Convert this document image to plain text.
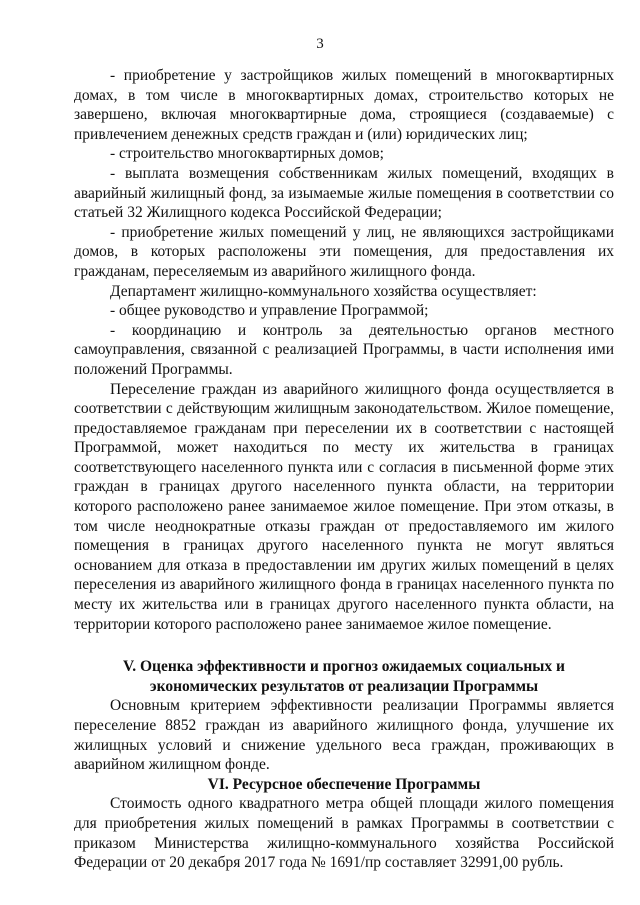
3

- приобретение у застройщиков жилых помещений в многоквартирных домах, в том числе в многоквартирных домах, строительство которых не завершено, включая многоквартирные дома, строящиеся (создаваемые) с привлечением денежных средств граждан и (или) юридических лиц;

- строительство многоквартирных домов;

- выплата возмещения собственникам жилых помещений, входящих в аварийный жилищный фонд, за изымаемые жилые помещения в соответствии со статьей 32 Жилищного кодекса Российской Федерации;

- приобретение жилых помещений у лиц, не являющихся застройщиками домов, в которых расположены эти помещения, для предоставления их гражданам, переселяемым из аварийного жилищного фонда.

Департамент жилищно-коммунального хозяйства осуществляет:

- общее руководство и управление Программой;

- координацию и контроль за деятельностью органов местного самоуправления, связанной с реализацией Программы, в части исполнения ими положений Программы.

Переселение граждан из аварийного жилищного фонда осуществляется в соответствии с действующим жилищным законодательством. Жилое помещение, предоставляемое гражданам при переселении их в соответствии с настоящей Программой, может находиться по месту их жительства в границах соответствующего населенного пункта или с согласия в письменной форме этих граждан в границах другого населенного пункта области, на территории которого расположено ранее занимаемое жилое помещение. При этом отказы, в том числе неоднократные отказы граждан от предоставляемого им жилого помещения в границах другого населенного пункта не могут являться основанием для отказа в предоставлении им других жилых помещений в целях переселения из аварийного жилищного фонда в границах населенного пункта по месту их жительства или в границах другого населенного пункта области, на территории которого расположено ранее занимаемое жилое помещение.

V. Оценка эффективности и прогноз ожидаемых социальных и

экономических результатов от реализации Программы

Основным критерием эффективности реализации Программы является переселение 8852 граждан из аварийного жилищного фонда, улучшение их жилищных условий и снижение удельного веса граждан, проживающих в аварийном жилищном фонде.

VI. Ресурсное обеспечение Программы

Стоимость одного квадратного метра общей площади жилого помещения для приобретения жилых помещений в рамках Программы в соответствии с приказом Министерства жилищно-коммунального хозяйства Российской Федерации от 20 декабря 2017 года № 1691/пр составляет 32991,00 рубль.
